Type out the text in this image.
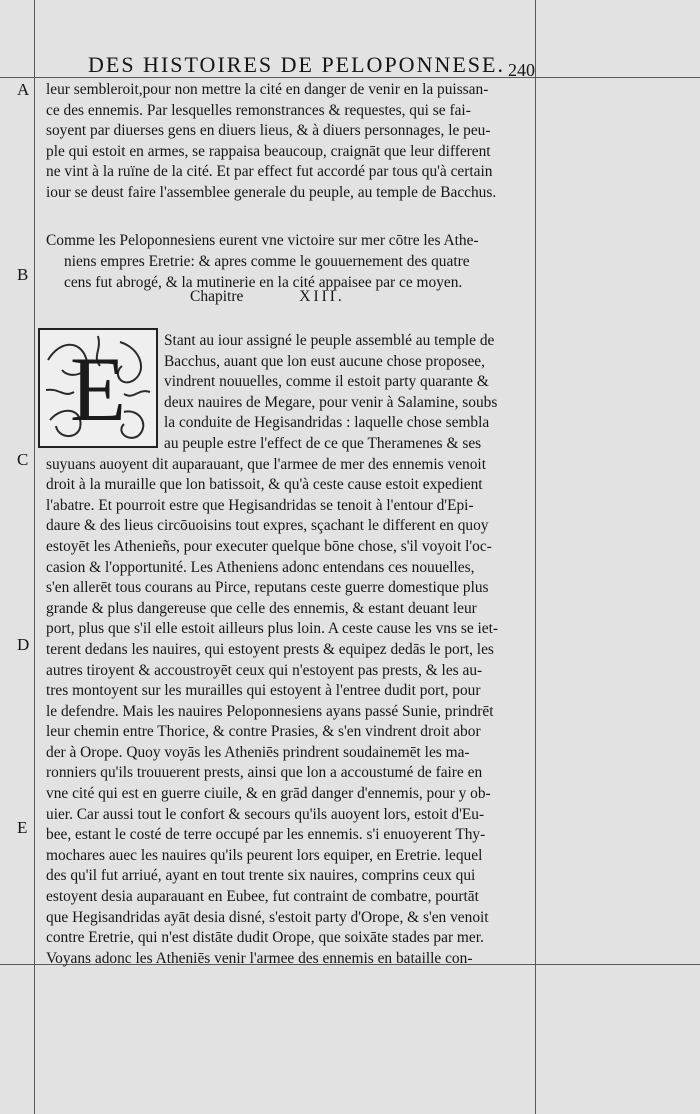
DES HISTOIRES DE PELOPONNESE. 240
A
B
C
D
E
leur sembleroit,pour non mettre la cité en danger de venir en la puissan-
ce des ennemis. Par lesquelles remonstrances & requestes, qui se fai-
soyent par diuerses gens en diuers lieus, & à diuers personnages, le peu-
ple qui estoit en armes, se rappaisa beaucoup, craignāt que leur different
ne vint à la ruïne de la cité. Et par effect fut accordé par tous qu'à certain
iour se deust faire l'assemblee generale du peuple, au temple de Bacchus.
Comme les Peloponnesiens eurent vne victoire sur mer cōtre les Athe-
niens empres Eretrie: & apres comme le gouuernement des quatre
cens fut abrogé, & la mutinerie en la cité appaisee par ce moyen.
Chapitre	XIII.
E	Stant au iour assigné le peuple assemblé au temple de
Bacchus, auant que lon eust aucune chose proposee,
vindrent nouuelles, comme il estoit party quarante &
deux nauires de Megare, pour venir à Salamine, soubs
la conduite de Hegisandridas : laquelle chose sembla
au peuple estre l'effect de ce que Theramenes & ses
suyuans auoyent dit auparauant, que l'armee de mer des ennemis venoit
droit à la muraille que lon batissoit, & qu'à ceste cause estoit expedient
l'abatre. Et pourroit estre que Hegisandridas se tenoit à l'entour d'Epi-
daure & des lieus circōuoisins tout expres, sçachant le different en quoy
estoyēt les Athenieñs, pour executer quelque bōne chose, s'il voyoit l'oc-
casion & l'opportunité. Les Atheniens adonc entendans ces nouuelles,
s'en allerēt tous courans au Pirce, reputans ceste guerre domestique plus
grande & plus dangereuse que celle des ennemis, & estant deuant leur
port, plus que s'il elle estoit ailleurs plus loin. A ceste cause les vns se iet-
terent dedans les nauires, qui estoyent prests & equipez dedās le port, les
autres tiroyent & accoustroyēt ceux qui n'estoyent pas prests, & les au-
tres montoyent sur les murailles qui estoyent à l'entree dudit port, pour
le defendre. Mais les nauires Peloponnesiens ayans passé Sunie, prindrēt
leur chemin entre Thorice, & contre Prasies, & s'en vindrent droit abor
der à Orope. Quoy voyās les Atheniēs prindrent soudainemēt les ma-
ronniers qu'ils trouuerent prests, ainsi que lon a accoustumé de faire en
vne cité qui est en guerre ciuile, & en grād danger d'ennemis, pour y ob-
uier. Car aussi tout le confort & secours qu'ils auoyent lors, estoit d'Eu-
bee, estant le costé de terre occupé par les ennemis. s'i enuoyerent Thy-
mochares auec les nauires qu'ils peurent lors equiper, en Eretrie. lequel
des qu'il fut arriué, ayant en tout trente six nauires, comprins ceux qui
estoyent desia auparauant en Eubee, fut contraint de combatre, pourtāt
que Hegisandridas ayāt desia disné, s'estoit party d'Orope, & s'en venoit
contre Eretrie, qui n'est distāte dudit Orope, que soixāte stades par mer.
Voyans adonc les Atheniēs venir l'armee des ennemis en bataille con-
